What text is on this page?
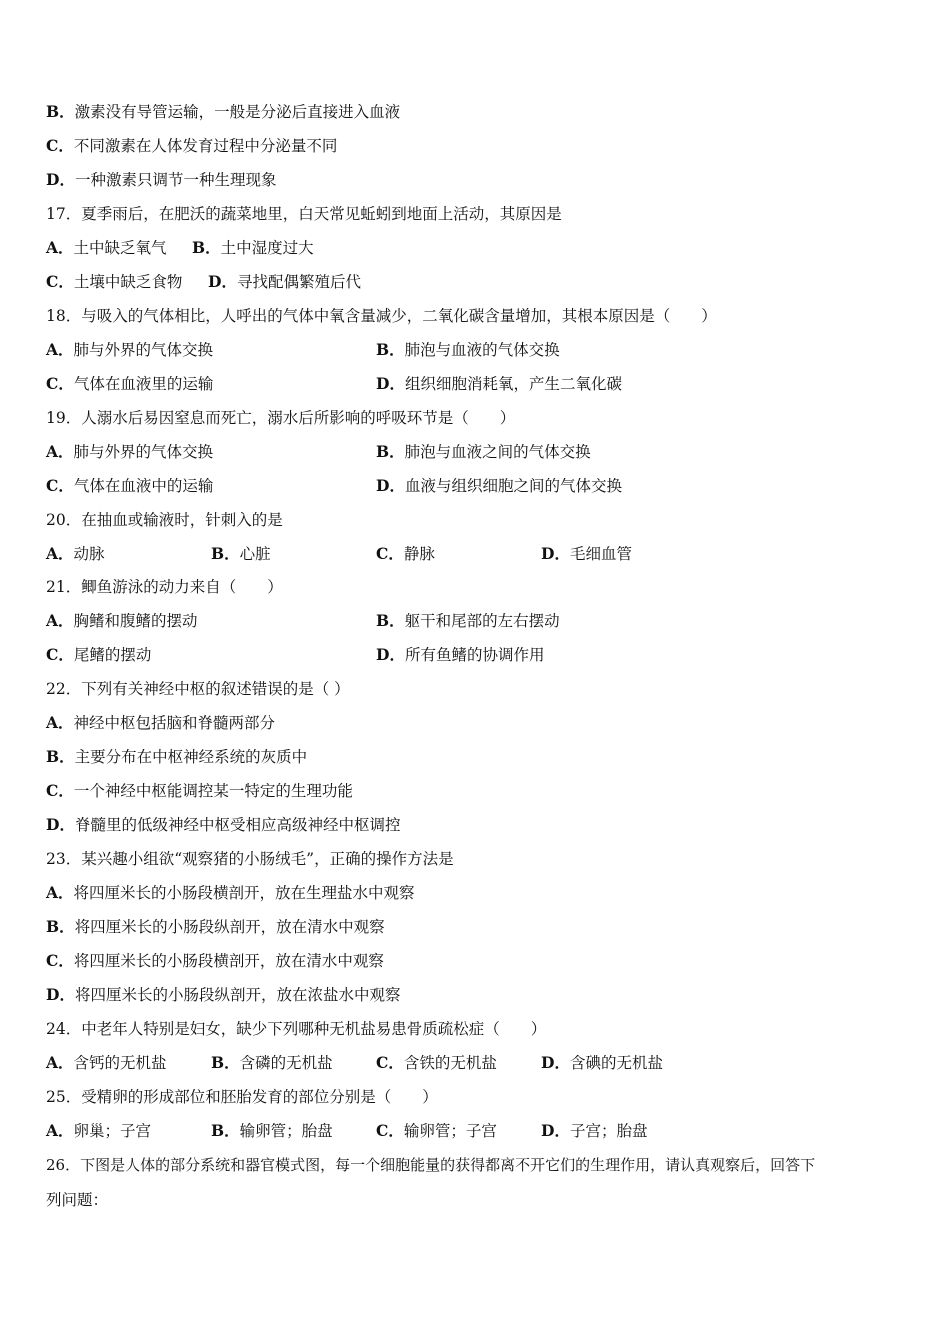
B．激素没有导管运输，一般是分泌后直接进入血液
C．不同激素在人体发育过程中分泌量不同
D．一种激素只调节一种生理现象
17．夏季雨后，在肥沃的蔬菜地里，白天常见蚯蚓到地面上活动，其原因是
A．土中缺乏氧气 B．土中湿度过大
C．土壤中缺乏食物 D．寻找配偶繁殖后代
18．与吸入的气体相比，人呼出的气体中氧含量减少，二氧化碳含量增加，其根本原因是（　　）
A．肺与外界的气体交换	B．肺泡与血液的气体交换
C．气体在血液里的运输	D．组织细胞消耗氧，产生二氧化碳
19．人溺水后易因窒息而死亡，溺水后所影响的呼吸环节是（　　）
A．肺与外界的气体交换	B．肺泡与血液之间的气体交换
C．气体在血液中的运输	D．血液与组织细胞之间的气体交换
20．在抽血或输液时，针刺入的是
A．动脉	B．心脏	C．静脉	D．毛细血管
21．鲫鱼游泳的动力来自（　　）
A．胸鳍和腹鳍的摆动	B．躯干和尾部的左右摆动
C．尾鳍的摆动	D．所有鱼鳍的协调作用
22．下列有关神经中枢的叙述错误的是（ ）
A．神经中枢包括脑和脊髓两部分
B．主要分布在中枢神经系统的灰质中
C．一个神经中枢能调控某一特定的生理功能
D．脊髓里的低级神经中枢受相应高级神经中枢调控
23．某兴趣小组欲“观察猪的小肠绒毛”，正确的操作方法是
A．将四厘米长的小肠段横剖开，放在生理盐水中观察
B．将四厘米长的小肠段纵剖开，放在清水中观察
C．将四厘米长的小肠段横剖开，放在清水中观察
D．将四厘米长的小肠段纵剖开，放在浓盐水中观察
24．中老年人特别是妇女，缺少下列哪种无机盐易患骨质疏松症（　　）
A．含钙的无机盐	B．含磷的无机盐	C．含铁的无机盐	D．含碘的无机盐
25．受精卵的形成部位和胚胎发育的部位分别是（　　）
A．卵巢；子宫	B．输卵管；胎盘	C．输卵管；子宫	D．子宫；胎盘
26．下图是人体的部分系统和器官模式图，每一个细胞能量的获得都离不开它们的生理作用，请认真观察后，回答下
列问题：
